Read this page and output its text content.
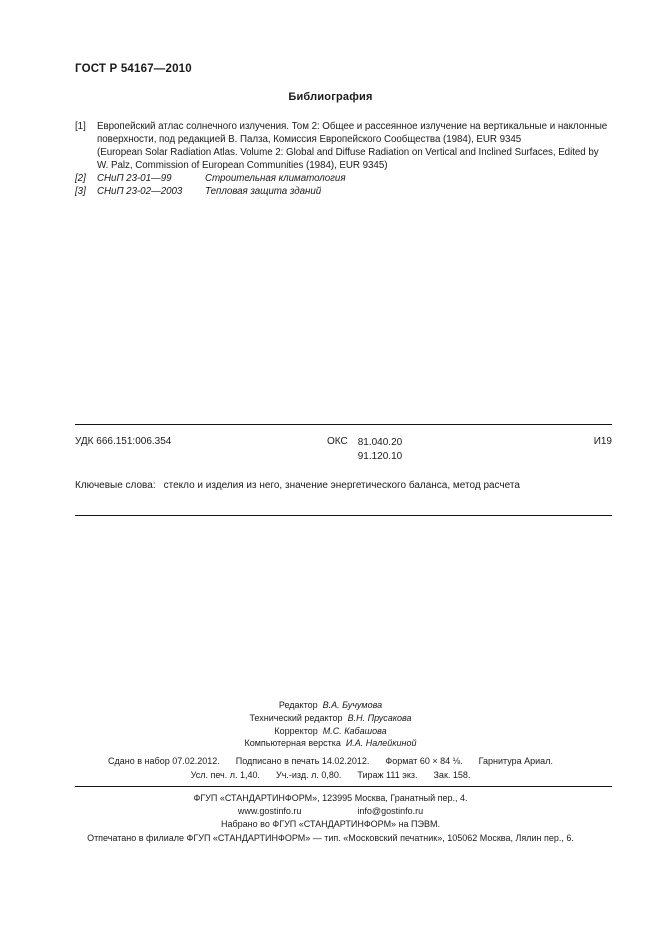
ГОСТ Р 54167—2010
Библиография
[1]	Европейский атлас солнечного излучения. Том 2: Общее и рассеянное излучение на вертикальные и наклонные
поверхности, под редакцией В. Палза, Комиссия Европейского Сообщества (1984), EUR 9345
(European Solar Radiation Atlas. Volume 2: Global and Diffuse Radiation on Vertical and Inclined Surfaces, Edited by
W. Palz, Commission of European Communities (1984), EUR 9345)
[2]	СНиП 23-01—99	Строительная климатология
[3]	СНиП 23-02—2003 Тепловая защита зданий
УДК 666.151:006.354	ОКС 81.040.20
91.120.10
И19
Ключевые слова: стекло и изделия из него, значение энергетического баланса, метод расчета
Редактор В.А. Бучумова
Технический редактор В.Н. Прусакова
Корректор М.С. Кабашова
Компьютерная верстка И.А. Налейкиной
Сдано в набор 07.02.2012. Подписано в печать 14.02.2012. Формат 60 × 84 ⅛. Гарнитура Ариал.
Усл. печ. л. 1,40. Уч.-изд. л. 0,80. Тираж 111 экз. Зак. 158.
ФГУП «СТАНДАРТИНФОРМ», 123995 Москва, Гранатный пер., 4.
www.gostinfo.ru	info@gostinfo.ru
Набрано во ФГУП «СТАНДАРТИНФОРМ» на ПЭВМ.
Отпечатано в филиале ФГУП «СТАНДАРТИНФОРМ» — тип. «Московский печатник», 105062 Москва, Лялин пер., 6.
